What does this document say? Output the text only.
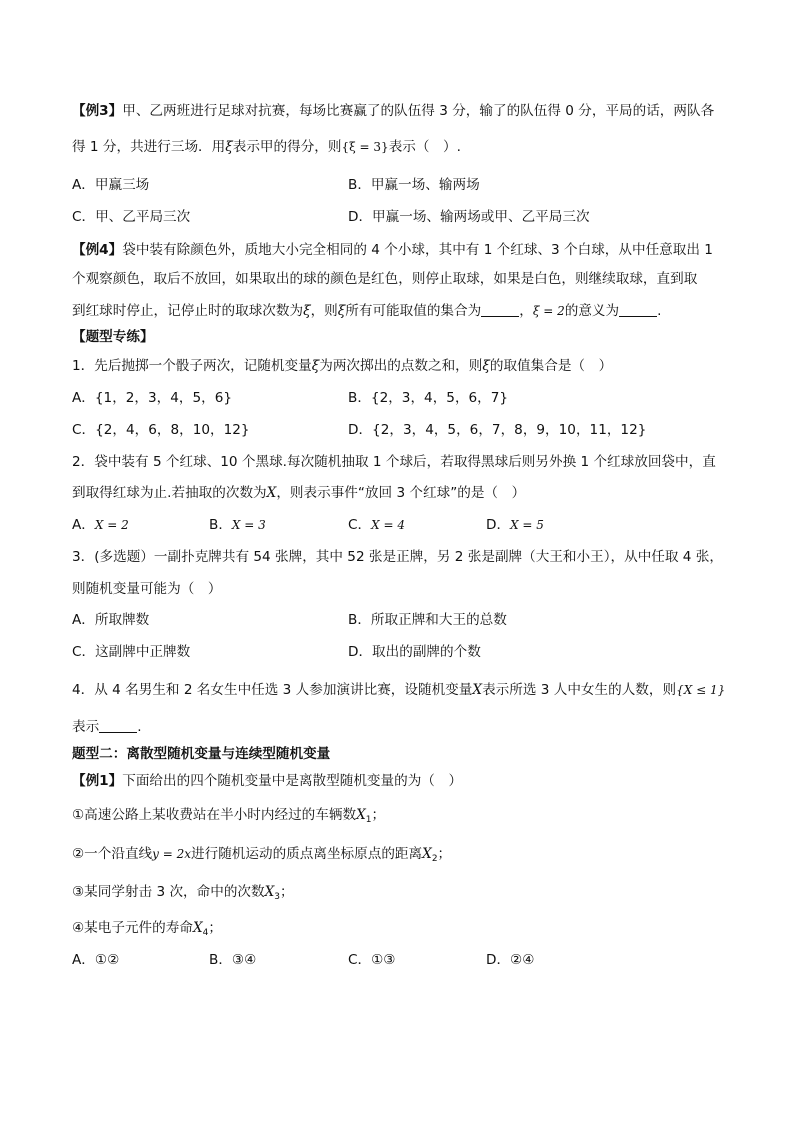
【例3】甲、乙两班进行足球对抗赛，每场比赛赢了的队伍得 3 分，输了的队伍得 0 分，平局的话，两队各
得 1 分，共进行三场．用ξ表示甲的得分，则{ξ = 3}表示（　）.
A．甲赢三场	B．甲赢一场、输两场
C．甲、乙平局三次	D．甲赢一场、输两场或甲、乙平局三次
【例4】袋中装有除颜色外，质地大小完全相同的 4 个小球，其中有 1 个红球、3 个白球，从中任意取出 1
个观察颜色，取后不放回，如果取出的球的颜色是红色，则停止取球，如果是白色，则继续取球，直到取
到红球时停止，记停止时的取球次数为ξ，则ξ所有可能取值的集合为	，ξ = 2的意义为	.
【题型专练】
1．先后抛掷一个骰子两次，记随机变量ξ为两次掷出的点数之和，则ξ的取值集合是（　）
A．{1，2，3，4，5，6}	B．{2，3，4，5，6，7}
C．{2，4，6，8，10，12}	D．{2，3，4，5，6，7，8，9，10，11，12}
2．袋中装有 5 个红球、10 个黑球.每次随机抽取 1 个球后，若取得黑球后则另外换 1 个红球放回袋中，直
到取得红球为止.若抽取的次数为X，则表示事件“放回 3 个红球”的是（　）
A．X = 2	B．X = 3	C．X = 4	D．X = 5
3．(多选题）一副扑克牌共有 54 张牌，其中 52 张是正牌，另 2 张是副牌（大王和小王），从中任取 4 张，
则随机变量可能为（　）
A．所取牌数	B．所取正牌和大王的总数
C．这副牌中正牌数	D．取出的副牌的个数
4．从 4 名男生和 2 名女生中任选 3 人参加演讲比赛，设随机变量X表示所选 3 人中女生的人数，则{X ≤ 1}
表示	.
题型二：离散型随机变量与连续型随机变量
【例1】下面给出的四个随机变量中是离散型随机变量的为（　）
①高速公路上某收费站在半小时内经过的车辆数$X_1$；
②一个沿直线y = 2x进行随机运动的质点离坐标原点的距离$X_2$；
③某同学射击 3 次，命中的次数$X_3$；
④某电子元件的寿命$X_4$；
A．①②	B．③④	C．①③	D．②④
